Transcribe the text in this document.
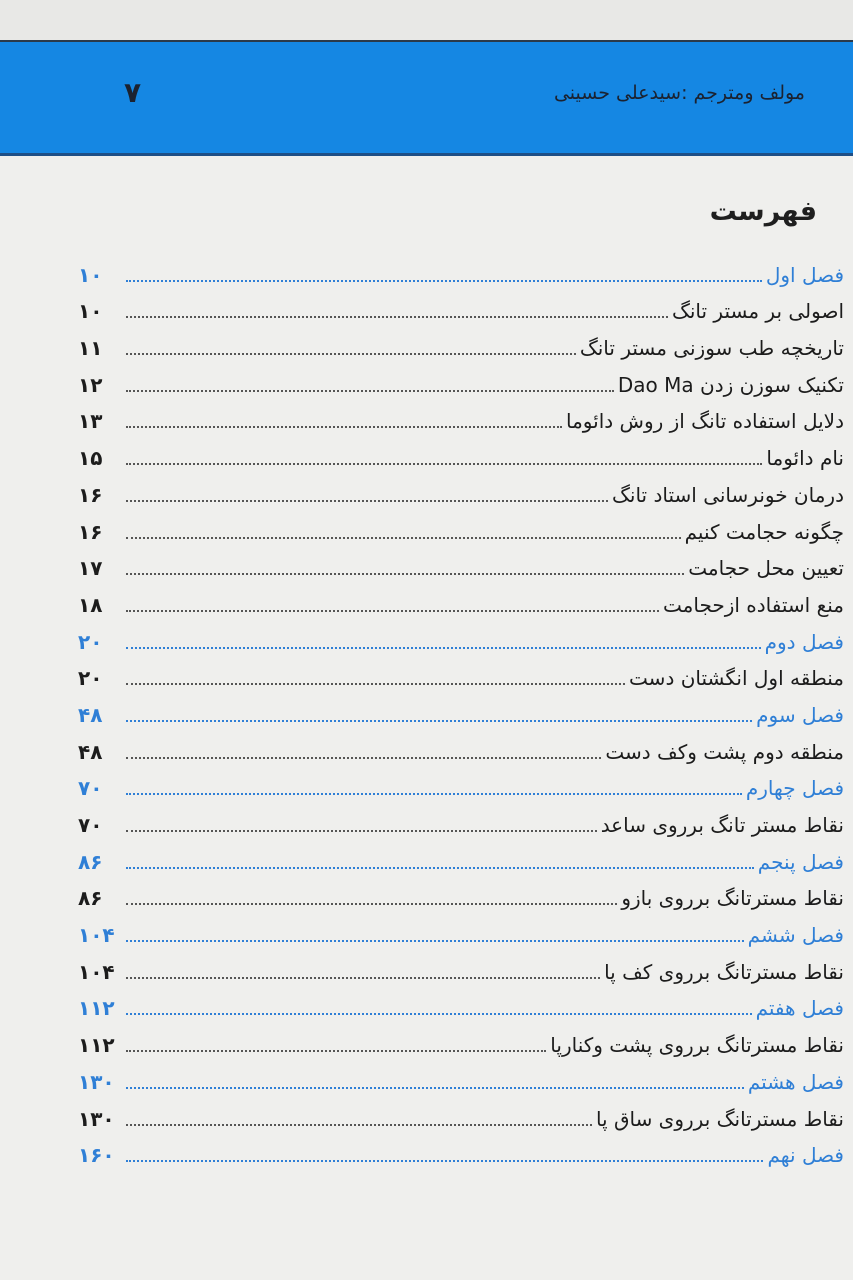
مولف ومترجم :سیدعلی حسینی
۷
فهرست
فصل اول
۱۰
اصولی بر مستر تانگ
۱۰
تاریخچه طب سوزنی مستر تانگ
۱۱
تکنیک سوزن زدن Dao Ma
۱۲
دلایل استفاده تانگ از روش دائوما
۱۳
نام دائوما
۱۵
درمان خونرسانی استاد تانگ
۱۶
چگونه حجامت کنیم
۱۶
تعیین محل حجامت
۱۷
منع استفاده ازحجامت
۱۸
فصل دوم
۲۰
منطقه اول انگشتان دست
۲۰
فصل سوم
۴۸
منطقه دوم پشت وکف دست
۴۸
فصل چهارم
۷۰
نقاط مستر تانگ برروی ساعد
۷۰
فصل پنجم
۸۶
نقاط مسترتانگ برروی بازو
۸۶
فصل ششم
۱۰۴
نقاط مسترتانگ برروی کف پا
۱۰۴
فصل هفتم
۱۱۲
نقاط مسترتانگ برروی پشت وکنارپا
۱۱۲
فصل هشتم
۱۳۰
نقاط مسترتانگ برروی ساق پا
۱۳۰
فصل نهم
۱۶۰
